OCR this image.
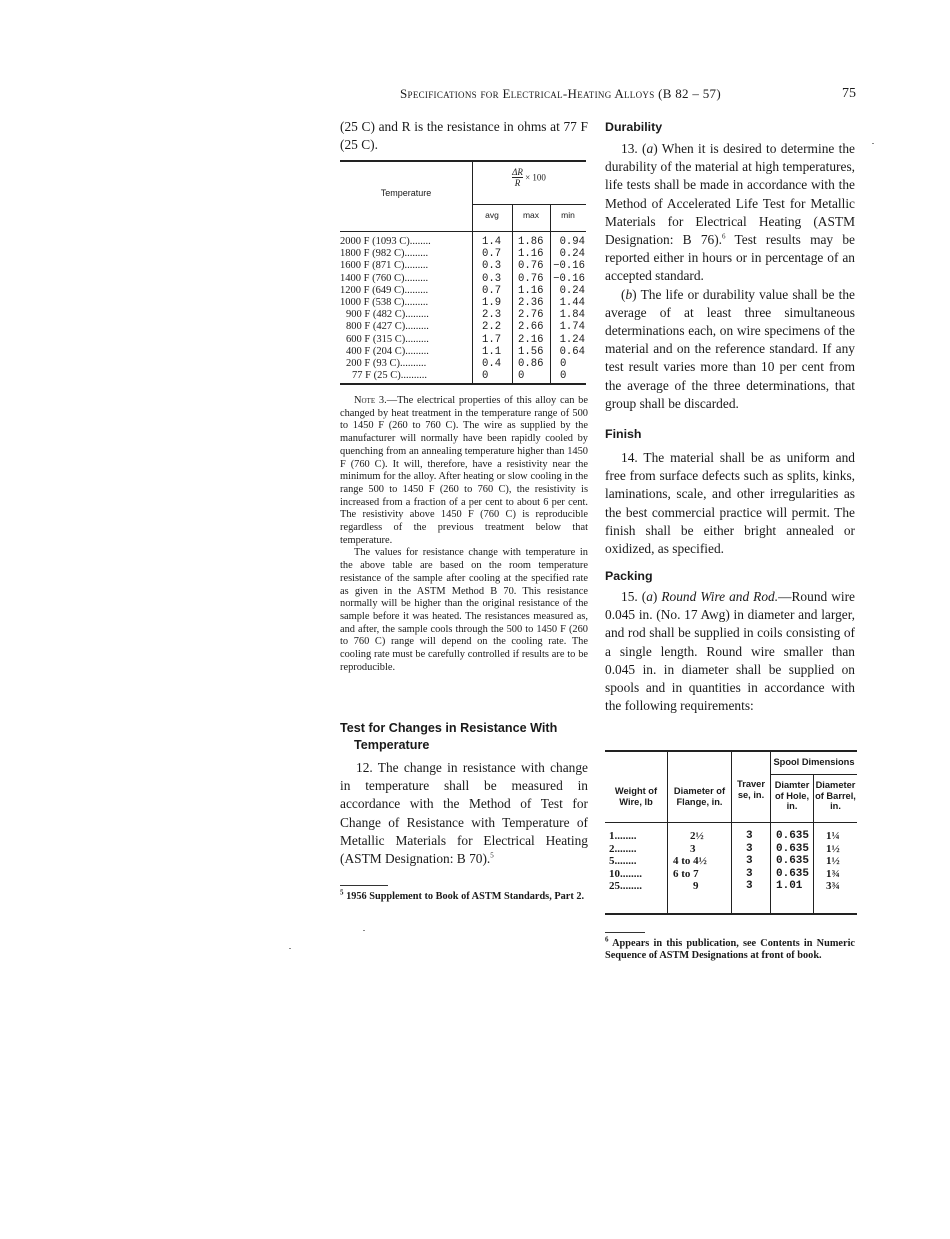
Specifications for Electrical-Heating Alloys (B 82 – 57)	75

(25 C) and R is the resistance in ohms at 77 F (25 C).

Temperature
$\frac{\Delta R}{R} \times 100$
avg	max	min
2000 F (1093 C)........	1.4 1.86	0.94
1800 F (982 C).........	0.7 1.16	0.24
1600 F (871 C).........	0.3 0.76 −0.16
1400 F (760 C).........	0.3 0.76 −0.16
1200 F (649 C).........	0.7 1.16	0.24
1000 F (538 C).........	1.9 2.36	1.44
900 F (482 C).........	2.3 2.76	1.84
800 F (427 C).........	2.2 2.66	1.74
600 F (315 C).........	1.7 2.16	1.24
400 F (204 C).........	1.1 1.56	0.64
200 F (93 C)..........	0.4 0.86 0
77 F (25 C)..........	0	0	0

Note 3.—The electrical properties of this alloy can be changed by heat treatment in the temperature range of 500 to 1450 F (260 to 760 C). The wire as supplied by the manufacturer will normally have been rapidly cooled by quenching from an annealing temperature higher than 1450 F (760 C). It will, therefore, have a resistivity near the minimum for the alloy. After heating or slow cooling in the range 500 to 1450 F (260 to 760 C), the resistivity is increased from a fraction of a per cent to about 6 per cent. The resistivity above 1450 F (760 C) is reproducible regardless of the previous treatment below that temperature.

The values for resistance change with temperature in the above table are based on the room temperature resistance of the sample after cooling at the specified rate as given in the ASTM Method B 70. This resistance normally will be higher than the original resistance of the sample before it was heated. The resistances measured as, and after, the sample cools through the 500 to 1450 F (260 to 760 C) range will depend on the cooling rate. The cooling rate must be carefully controlled if results are to be reproducible.

Test for Changes in Resistance With Temperature

12. The change in resistance with change in temperature shall be measured in accordance with the Method of Test for Change of Resistance with Temperature of Metallic Materials for Electrical Heating (ASTM Designation: B 70).$^5$

$^5$ 1956 Supplement to Book of ASTM Standards, Part 2.
Durability

13. (a) When it is desired to determine the durability of the material at high temperatures, life tests shall be made in accordance with the Method of Accelerated Life Test for Metallic Materials for Electrical Heating (ASTM Designation: B 76).$^6$ Test results may be reported either in hours or in percentage of an accepted standard.

(b) The life or durability value shall be the average of at least three simultaneous determinations each, on wire specimens of the material and on the reference standard. If any test result varies more than 10 per cent from the average of the three determinations, that group shall be discarded.

Finish

14. The material shall be as uniform and free from surface defects such as splits, kinks, laminations, scale, and other irregularities as the best commercial practice will permit. The finish shall be either bright annealed or oxidized, as specified.

Packing

15. (a) Round Wire and Rod.—Round wire 0.045 in. (No. 17 Awg) in diameter and larger, and rod shall be supplied in coils consisting of a single length. Round wire smaller than 0.045 in. in diameter shall be supplied on spools and in quantities in accordance with the following requirements:

Weight of Wire, lb
Diameter of Flange, in.
Traverse, in.
Spool Dimensions
Diamter of Hole, in.
Diameter of Barrel, in.
1........	2½	3 0.635 1¼
2........	3	3 0.635 1½
5........	4 to 4½	3 0.635 1½
10........	6 to 7	3 0.635 1¾
25........	9	3 1.01 3¾
$^6$ Appears in this publication, see Contents in Numeric Sequence of ASTM Designations at front of book.
